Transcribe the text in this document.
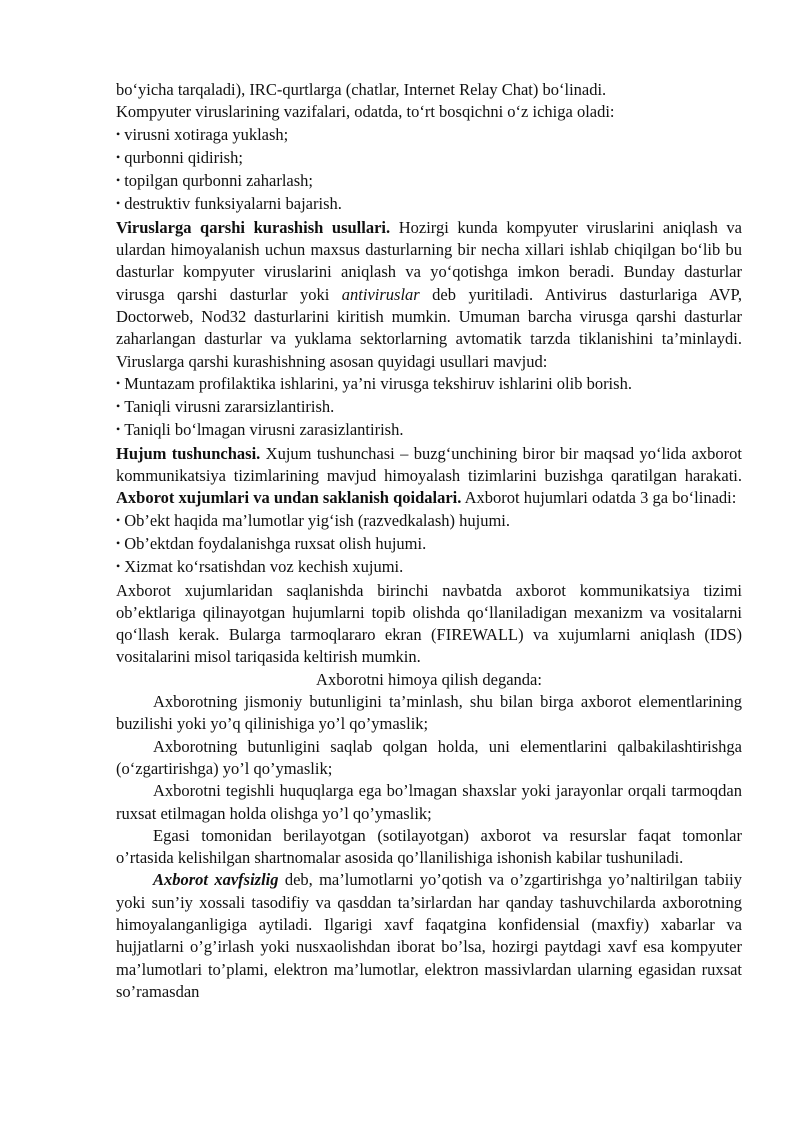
bo‘yicha tarqaladi), IRC-qurtlarga (chatlar, Internet Relay Chat) bo‘linadi.

Kompyuter viruslarining vazifalari, odatda, to‘rt bosqichni o‘z ichiga oladi:

• virusni xotiraga yuklash;
• qurbonni qidirish;
• topilgan qurbonni zaharlash;
• destruktiv funksiyalarni bajarish.

Viruslarga qarshi kurashish usullari. Hozirgi kunda kompyuter viruslarini aniqlash va ulardan himoyalanish uchun maxsus dasturlarning bir necha xillari ishlab chiqilgan bo‘lib bu dasturlar kompyuter viruslarini aniqlash va yo‘qotishga imkon beradi. Bunday dasturlar virusga qarshi dasturlar yoki antiviruslar deb yuritiladi. Antivirus dasturlariga AVP, Doctorweb, Nod32 dasturlarini kiritish mumkin. Umuman barcha virusga qarshi dasturlar zaharlangan dasturlar va yuklama sektorlarning avtomatik tarzda tiklanishini ta’minlaydi. Viruslarga qarshi kurashishning asosan quyidagi usullari mavjud:

• Muntazam profilaktika ishlarini, ya’ni virusga tekshiruv ishlarini olib borish.
• Taniqli virusni zararsizlantirish.
• Taniqli bo‘lmagan virusni zarasizlantirish.

Hujum tushunchasi. Xujum tushunchasi – buzg‘unchining biror bir maqsad yo‘lida axborot kommunikatsiya tizimlarining mavjud himoyalash tizimlarini buzishga qaratilgan harakati. Axborot xujumlari va undan saklanish qoidalari. Axborot hujumlari odatda 3 ga bo‘linadi:

• Ob’ekt haqida ma’lumotlar yig‘ish (razvedkalash) hujumi.
• Ob’ektdan foydalanishga ruxsat olish hujumi.
• Xizmat ko‘rsatishdan voz kechish xujumi.

Axborot xujumlaridan saqlanishda birinchi navbatda axborot kommunikatsiya tizimi ob’ektlariga qilinayotgan hujumlarni topib olishda qo‘llaniladigan mexanizm va vositalarni qo‘llash kerak. Bularga tarmoqlararo ekran (FIREWALL) va xujumlarni aniqlash (IDS) vositalarini misol tariqasida keltirish mumkin.

Axborotni himoya qilish deganda:

Axborotning jismoniy butunligini ta’minlash, shu bilan birga axborot elementlarining buzilishi yoki yo’q qilinishiga yo’l qo’ymaslik;

Axborotning butunligini saqlab qolgan holda, uni elementlarini qalbakilashtirishga (o‘zgartirishga) yo’l qo’ymaslik;

Axborotni tegishli huquqlarga ega bo’lmagan shaxslar yoki jarayonlar orqali tarmoqdan ruxsat etilmagan holda olishga yo’l qo’ymaslik;

Egasi tomonidan berilayotgan (sotilayotgan) axborot va resurslar faqat tomonlar o’rtasida kelishilgan shartnomalar asosida qo’llanilishiga ishonish kabilar tushuniladi.

Axborot xavfsizlig deb, ma’lumotlarni yo’qotish va o’zgartirishga yo’naltirilgan tabiiy yoki sun’iy xossali tasodifiy va qasddan ta’sirlardan har qanday tashuvchilarda axborotning himoyalanganligiga aytiladi. Ilgarigi xavf faqatgina konfidensial (maxfiy) xabarlar va hujjatlarni o’g’irlash yoki nusxaolishdan iborat bo’lsa, hozirgi paytdagi xavf esa kompyuter ma’lumotlari to’plami, elektron ma’lumotlar, elektron massivlardan ularning egasidan ruxsat so’ramasdan
